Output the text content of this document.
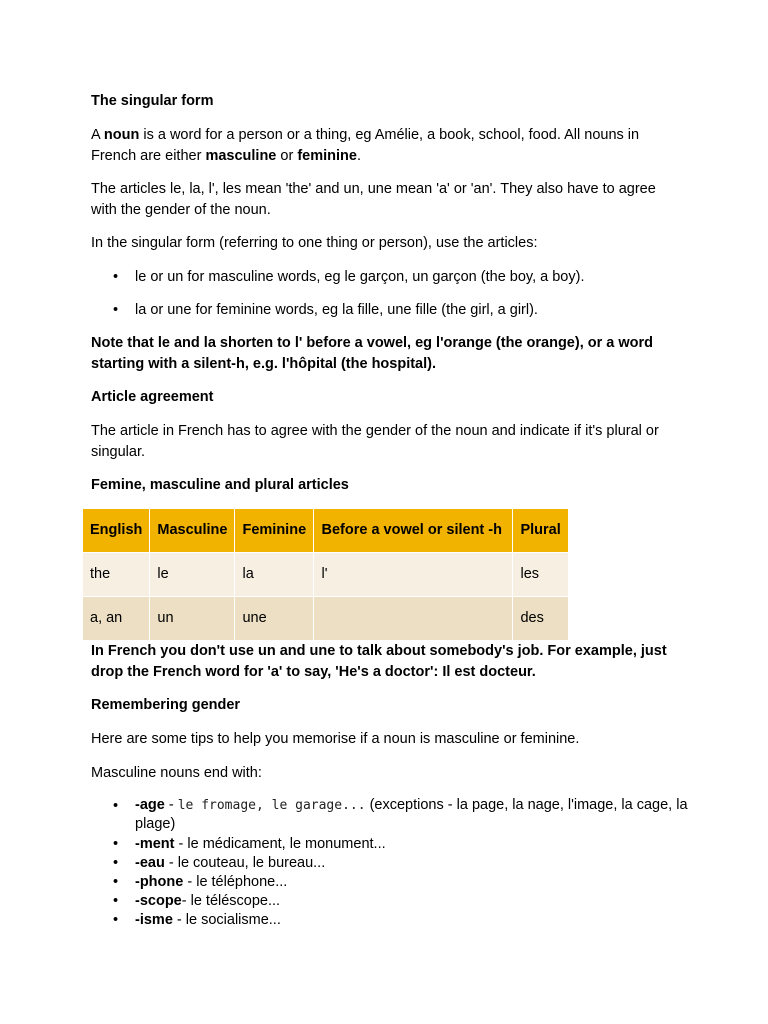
The singular form

A noun is a word for a person or a thing, eg Amélie, a book, school, food. All nouns in French are either masculine or feminine.

The articles le, la, l', les mean 'the' and un, une mean 'a' or 'an'. They also have to agree with the gender of the noun.

In the singular form (referring to one thing or person), use the articles:

• le or un for masculine words, eg le garçon, un garçon (the boy, a boy).
• la or une for feminine words, eg la fille, une fille (the girl, a girl).

Note that le and la shorten to l' before a vowel, eg l'orange (the orange), or a word starting with a silent-h, e.g. l'hôpital (the hospital).

Article agreement

The article in French has to agree with the gender of the noun and indicate if it's plural or singular.

Femine, masculine and plural articles

English	Masculine	Feminine	Before a vowel or silent -h	Plural
the	le	la	l'	les
a, an	un	une		des

In French you don't use un and une to talk about somebody's job. For example, just drop the French word for 'a' to say, 'He's a doctor': Il est docteur.

Remembering gender

Here are some tips to help you memorise if a noun is masculine or feminine.

Masculine nouns end with:

• -age - le fromage, le garage... (exceptions - la page, la nage, l'image, la cage, la plage)
• -ment - le médicament, le monument...
• -eau - le couteau, le bureau...
• -phone - le téléphone...
• -scope- le téléscope...
• -isme - le socialisme...
